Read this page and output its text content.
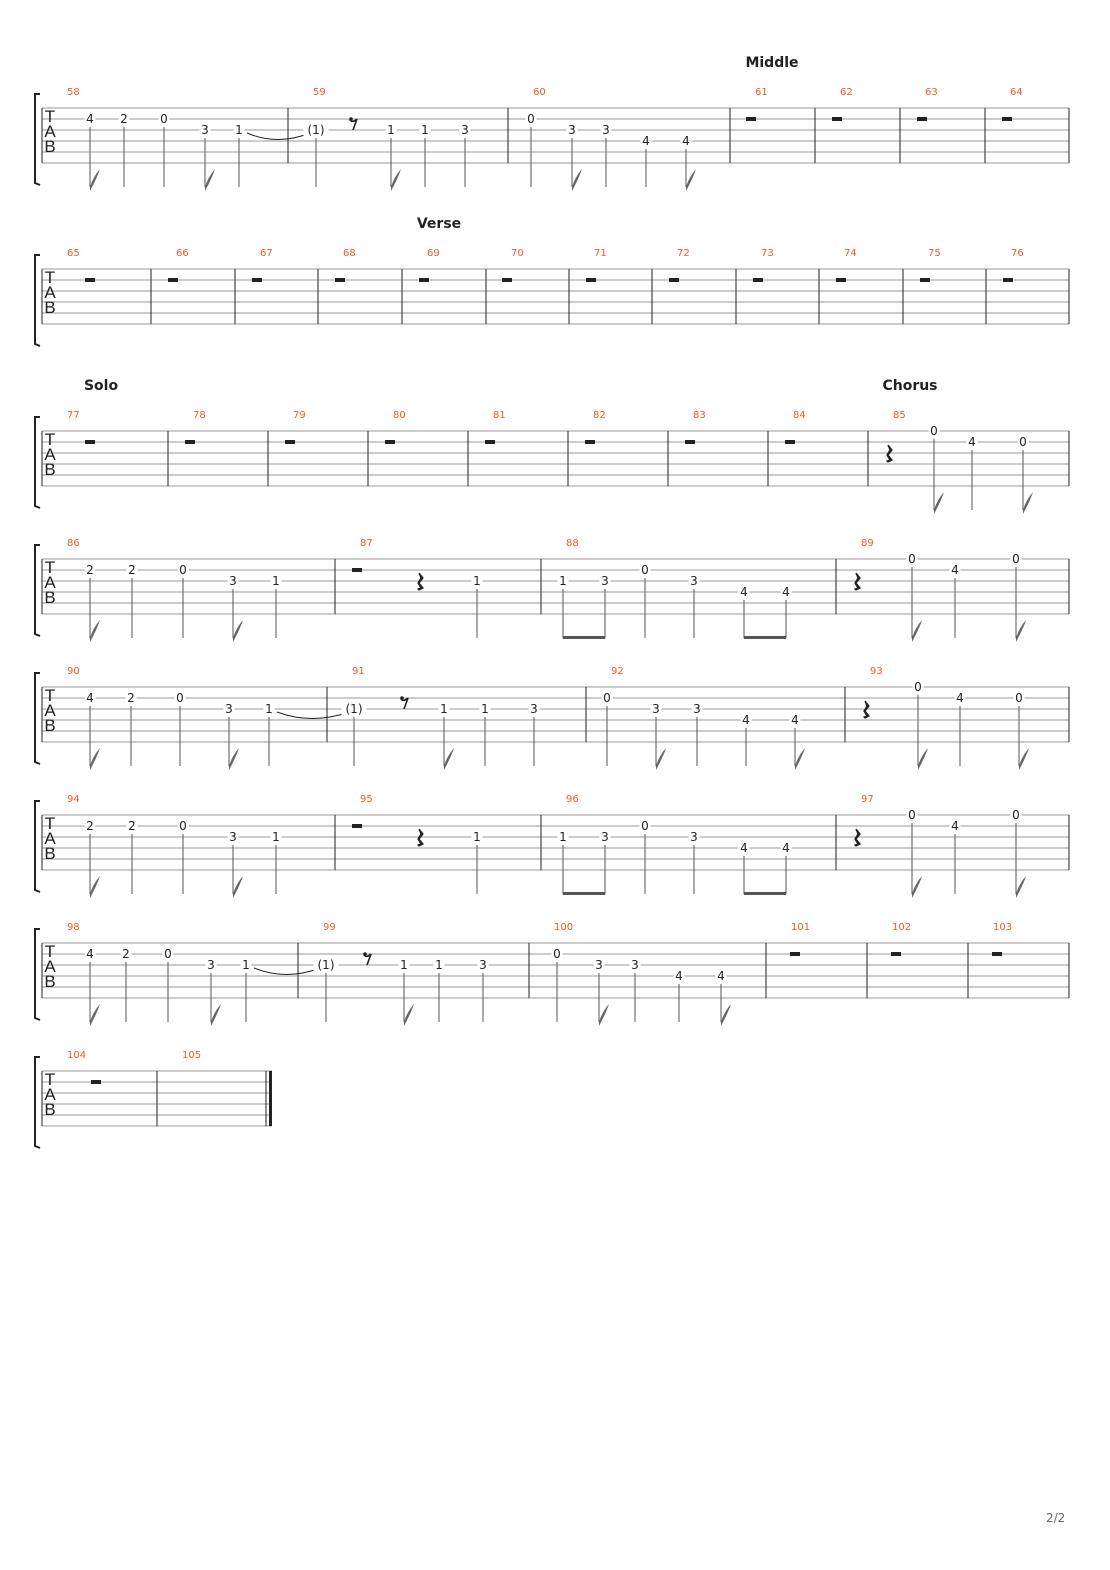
T
A
B
Middle
58
4 2	0
3 1
59
(1)	1 1	3
60
0
3 3
4	4
61	62	63	64
T
A
B
Verse
65	66	67	68	69	70	71	72	73	74	75	76
T
A
B
Solo	Chorus
77	78	79	80	81	82	83	84	85
0
4	0
T
A
B
86
2	2	0
3	1
87
1
88
1	3
0
3
4	4
89
0
4
0
T
A
B
90
4	2	0
3	1
91
(1)	1	1	3
92
0
3	3
4	4
93
0
4	0
T
A
B
94
2	2	0
3	1
95
1
96
1	3
0
3
4	4
97
0
4
0
T
A
B
98
4 2	0
3 1
99
(1)	1 1	3
100
0
3 3
4	4
101	102	103
T
A
B
104	105
2/2
